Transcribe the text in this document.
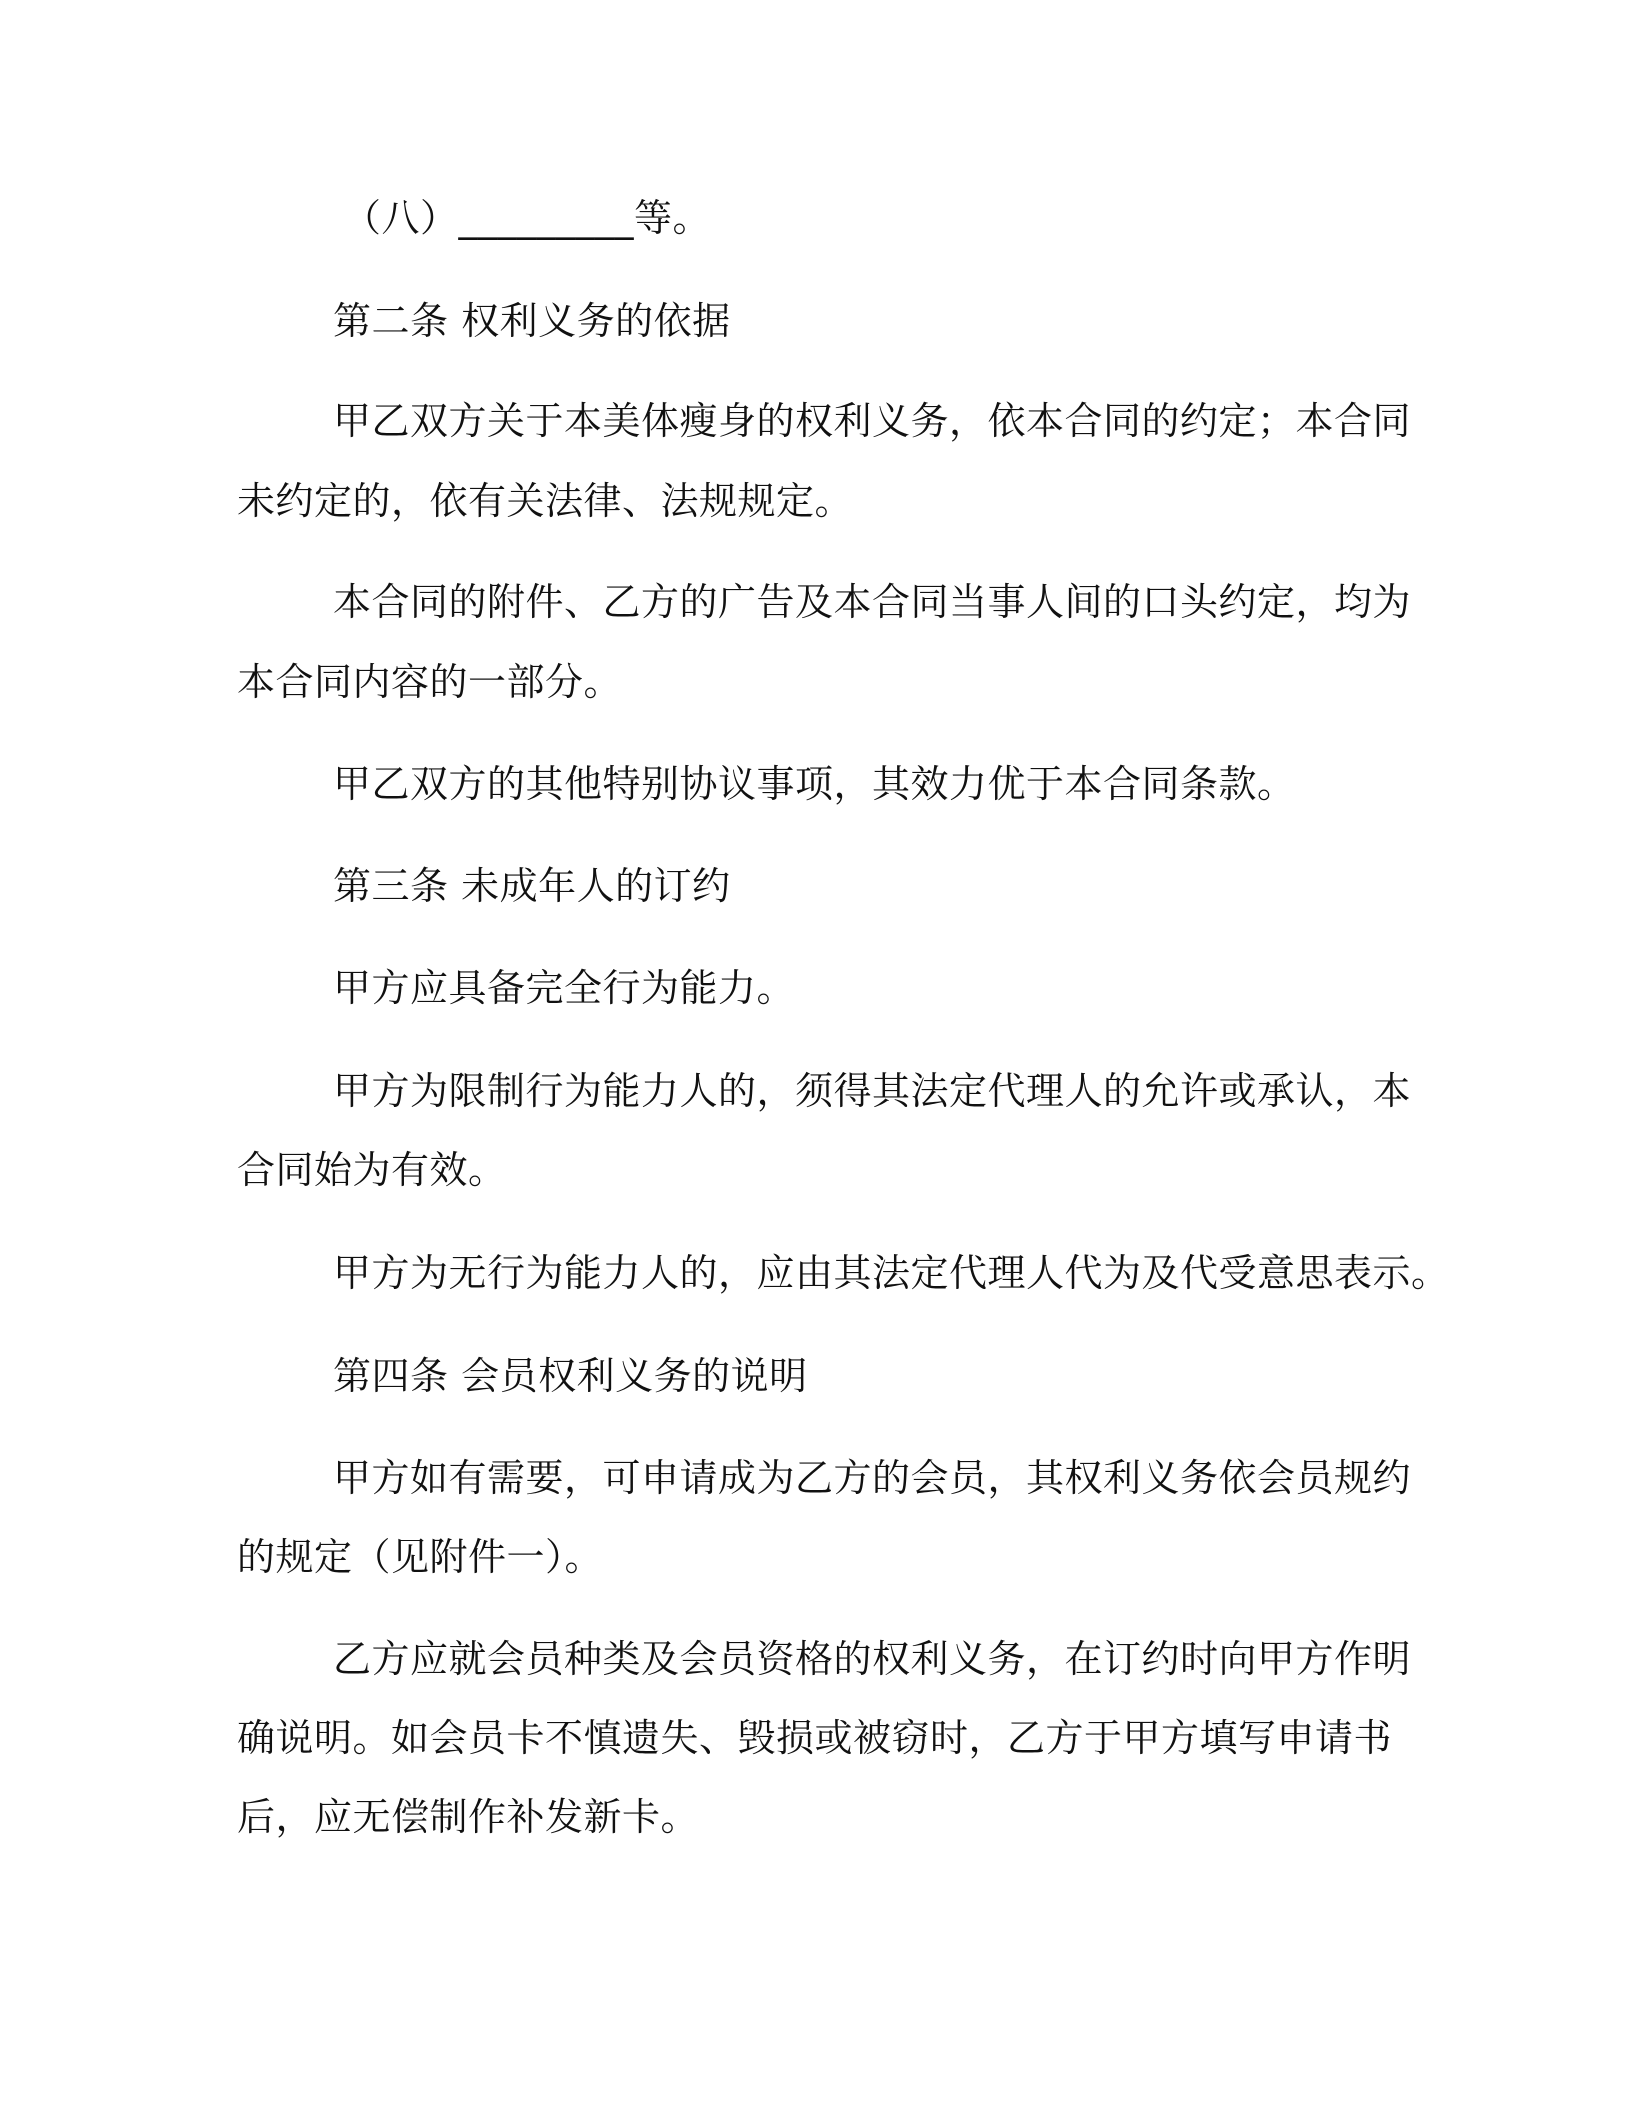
（八）_________等。
第二条 权利义务的依据
甲乙双方关于本美体瘦身的权利义务，依本合同的约定；本合同
未约定的，依有关法律、法规规定。
本合同的附件、乙方的广告及本合同当事人间的口头约定，均为
本合同内容的一部分。
甲乙双方的其他特别协议事项，其效力优于本合同条款。
第三条 未成年人的订约
甲方应具备完全行为能力。
甲方为限制行为能力人的，须得其法定代理人的允许或承认，本
合同始为有效。
甲方为无行为能力人的，应由其法定代理人代为及代受意思表示。
第四条 会员权利义务的说明
甲方如有需要，可申请成为乙方的会员，其权利义务依会员规约
的规定（见附件一）。
乙方应就会员种类及会员资格的权利义务，在订约时向甲方作明
确说明。如会员卡不慎遗失、毁损或被窃时，乙方于甲方填写申请书
后，应无偿制作补发新卡。
